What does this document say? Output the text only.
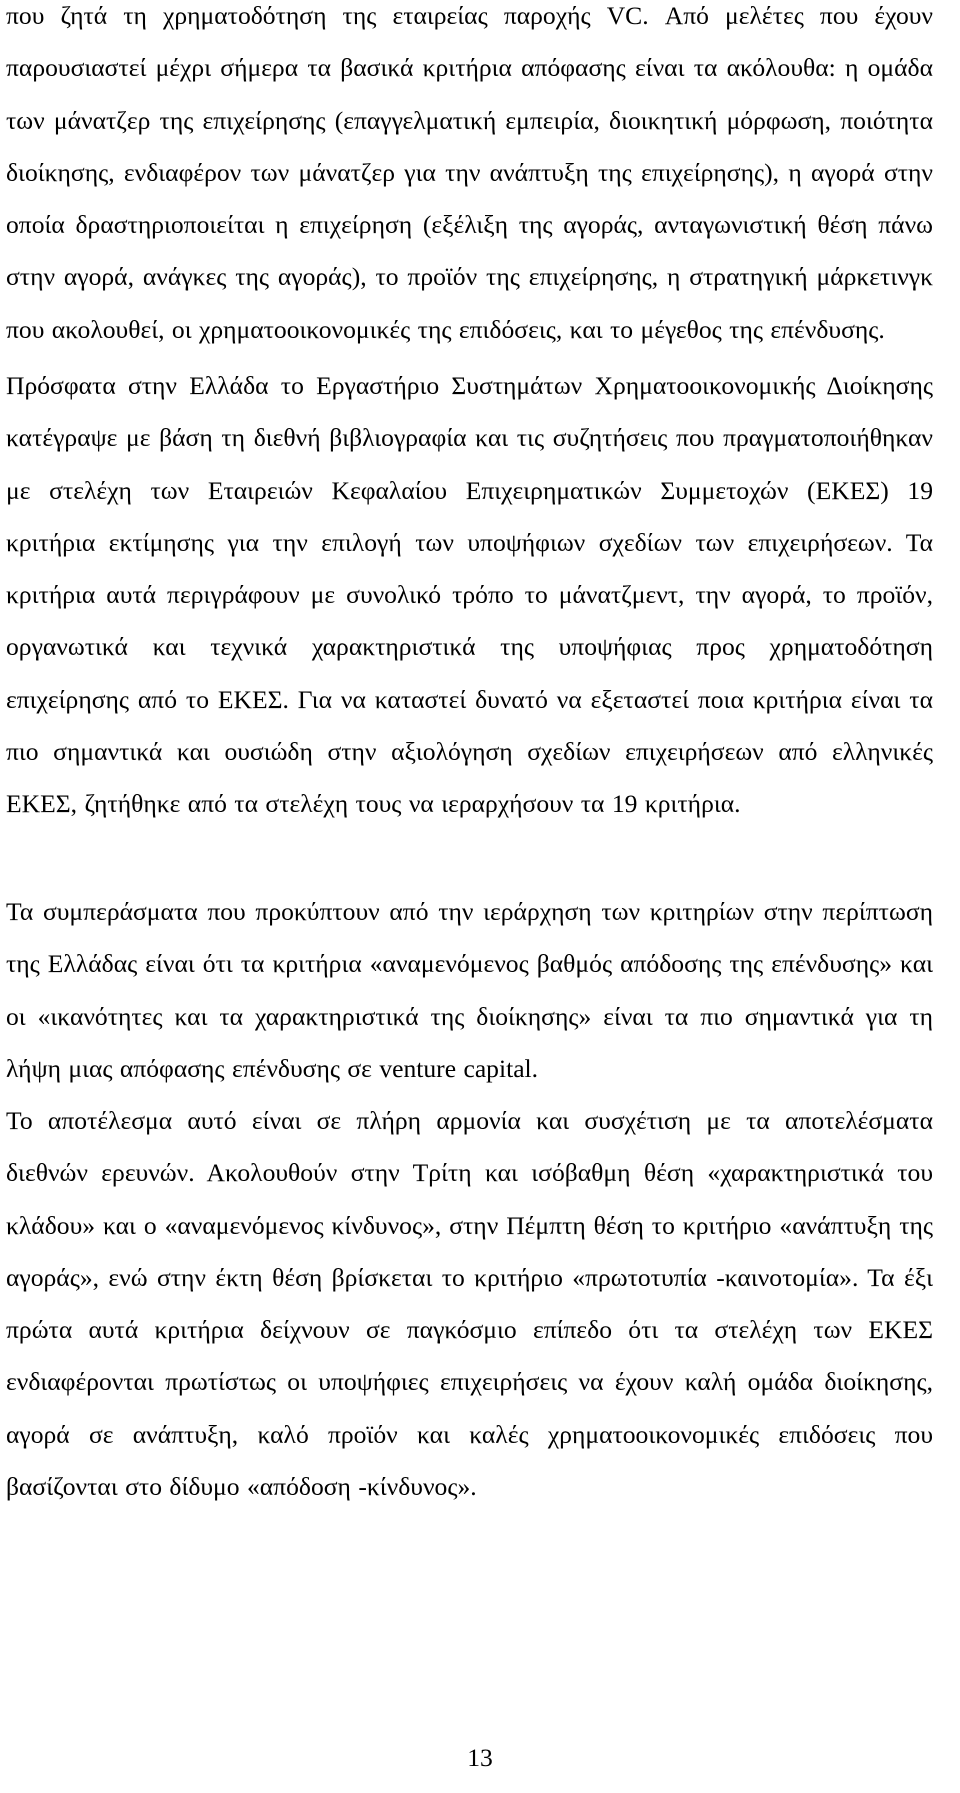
που ζητά τη χρηματοδότηση της εταιρείας παροχής VC. Από μελέτες που έχουν παρουσιαστεί μέχρι σήμερα τα βασικά κριτήρια απόφασης είναι τα ακόλουθα: η ομάδα των μάνατζερ της επιχείρησης (επαγγελματική εμπειρία, διοικητική μόρφωση, ποιότητα διοίκησης, ενδιαφέρον των μάνατζερ για την ανάπτυξη της επιχείρησης), η αγορά στην οποία δραστηριοποιείται η επιχείρηση (εξέλιξη της αγοράς, ανταγωνιστική θέση πάνω στην αγορά, ανάγκες της αγοράς), το προϊόν της επιχείρησης, η στρατηγική μάρκετινγκ που ακολουθεί, οι χρηματοοικονομικές της επιδόσεις, και το μέγεθος της επένδυσης.

Πρόσφατα στην Ελλάδα το Εργαστήριο Συστημάτων Χρηματοοικονομικής Διοίκησης κατέγραψε με βάση τη διεθνή βιβλιογραφία και τις συζητήσεις που πραγματοποιήθηκαν με στελέχη των Εταιρειών Κεφαλαίου Επιχειρηματικών Συμμετοχών (ΕΚΕΣ) 19 κριτήρια εκτίμησης για την επιλογή των υποψήφιων σχεδίων των επιχειρήσεων. Τα κριτήρια αυτά περιγράφουν με συνολικό τρόπο το μάνατζμεντ, την αγορά, το προϊόν, οργανωτικά και τεχνικά χαρακτηριστικά της υποψήφιας προς χρηματοδότηση επιχείρησης από το ΕΚΕΣ. Για να καταστεί δυνατό να εξεταστεί ποια κριτήρια είναι τα πιο σημαντικά και ουσιώδη στην αξιολόγηση σχεδίων επιχειρήσεων από ελληνικές ΕΚΕΣ, ζητήθηκε από τα στελέχη τους να ιεραρχήσουν τα 19 κριτήρια.

Τα συμπεράσματα που προκύπτουν από την ιεράρχηση των κριτηρίων στην περίπτωση της Ελλάδας είναι ότι τα κριτήρια «αναμενόμενος βαθμός απόδοσης της επένδυσης» και οι «ικανότητες και τα χαρακτηριστικά της διοίκησης» είναι τα πιο σημαντικά για τη λήψη μιας απόφασης επένδυσης σε venture capital.

Το αποτέλεσμα αυτό είναι σε πλήρη αρμονία και συσχέτιση με τα αποτελέσματα διεθνών ερευνών. Ακολουθούν στην Τρίτη και ισόβαθμη θέση «χαρακτηριστικά του κλάδου» και ο «αναμενόμενος κίνδυνος», στην Πέμπτη θέση το κριτήριο «ανάπτυξη της αγοράς», ενώ στην έκτη θέση βρίσκεται το κριτήριο «πρωτοτυπία -καινοτομία». Τα έξι πρώτα αυτά κριτήρια δείχνουν σε παγκόσμιο επίπεδο ότι τα στελέχη των ΕΚΕΣ ενδιαφέρονται πρωτίστως οι υποψήφιες επιχειρήσεις να έχουν καλή ομάδα διοίκησης, αγορά σε ανάπτυξη, καλό προϊόν και καλές χρηματοοικονομικές επιδόσεις που βασίζονται στο δίδυμο «απόδοση -κίνδυνος».

13
